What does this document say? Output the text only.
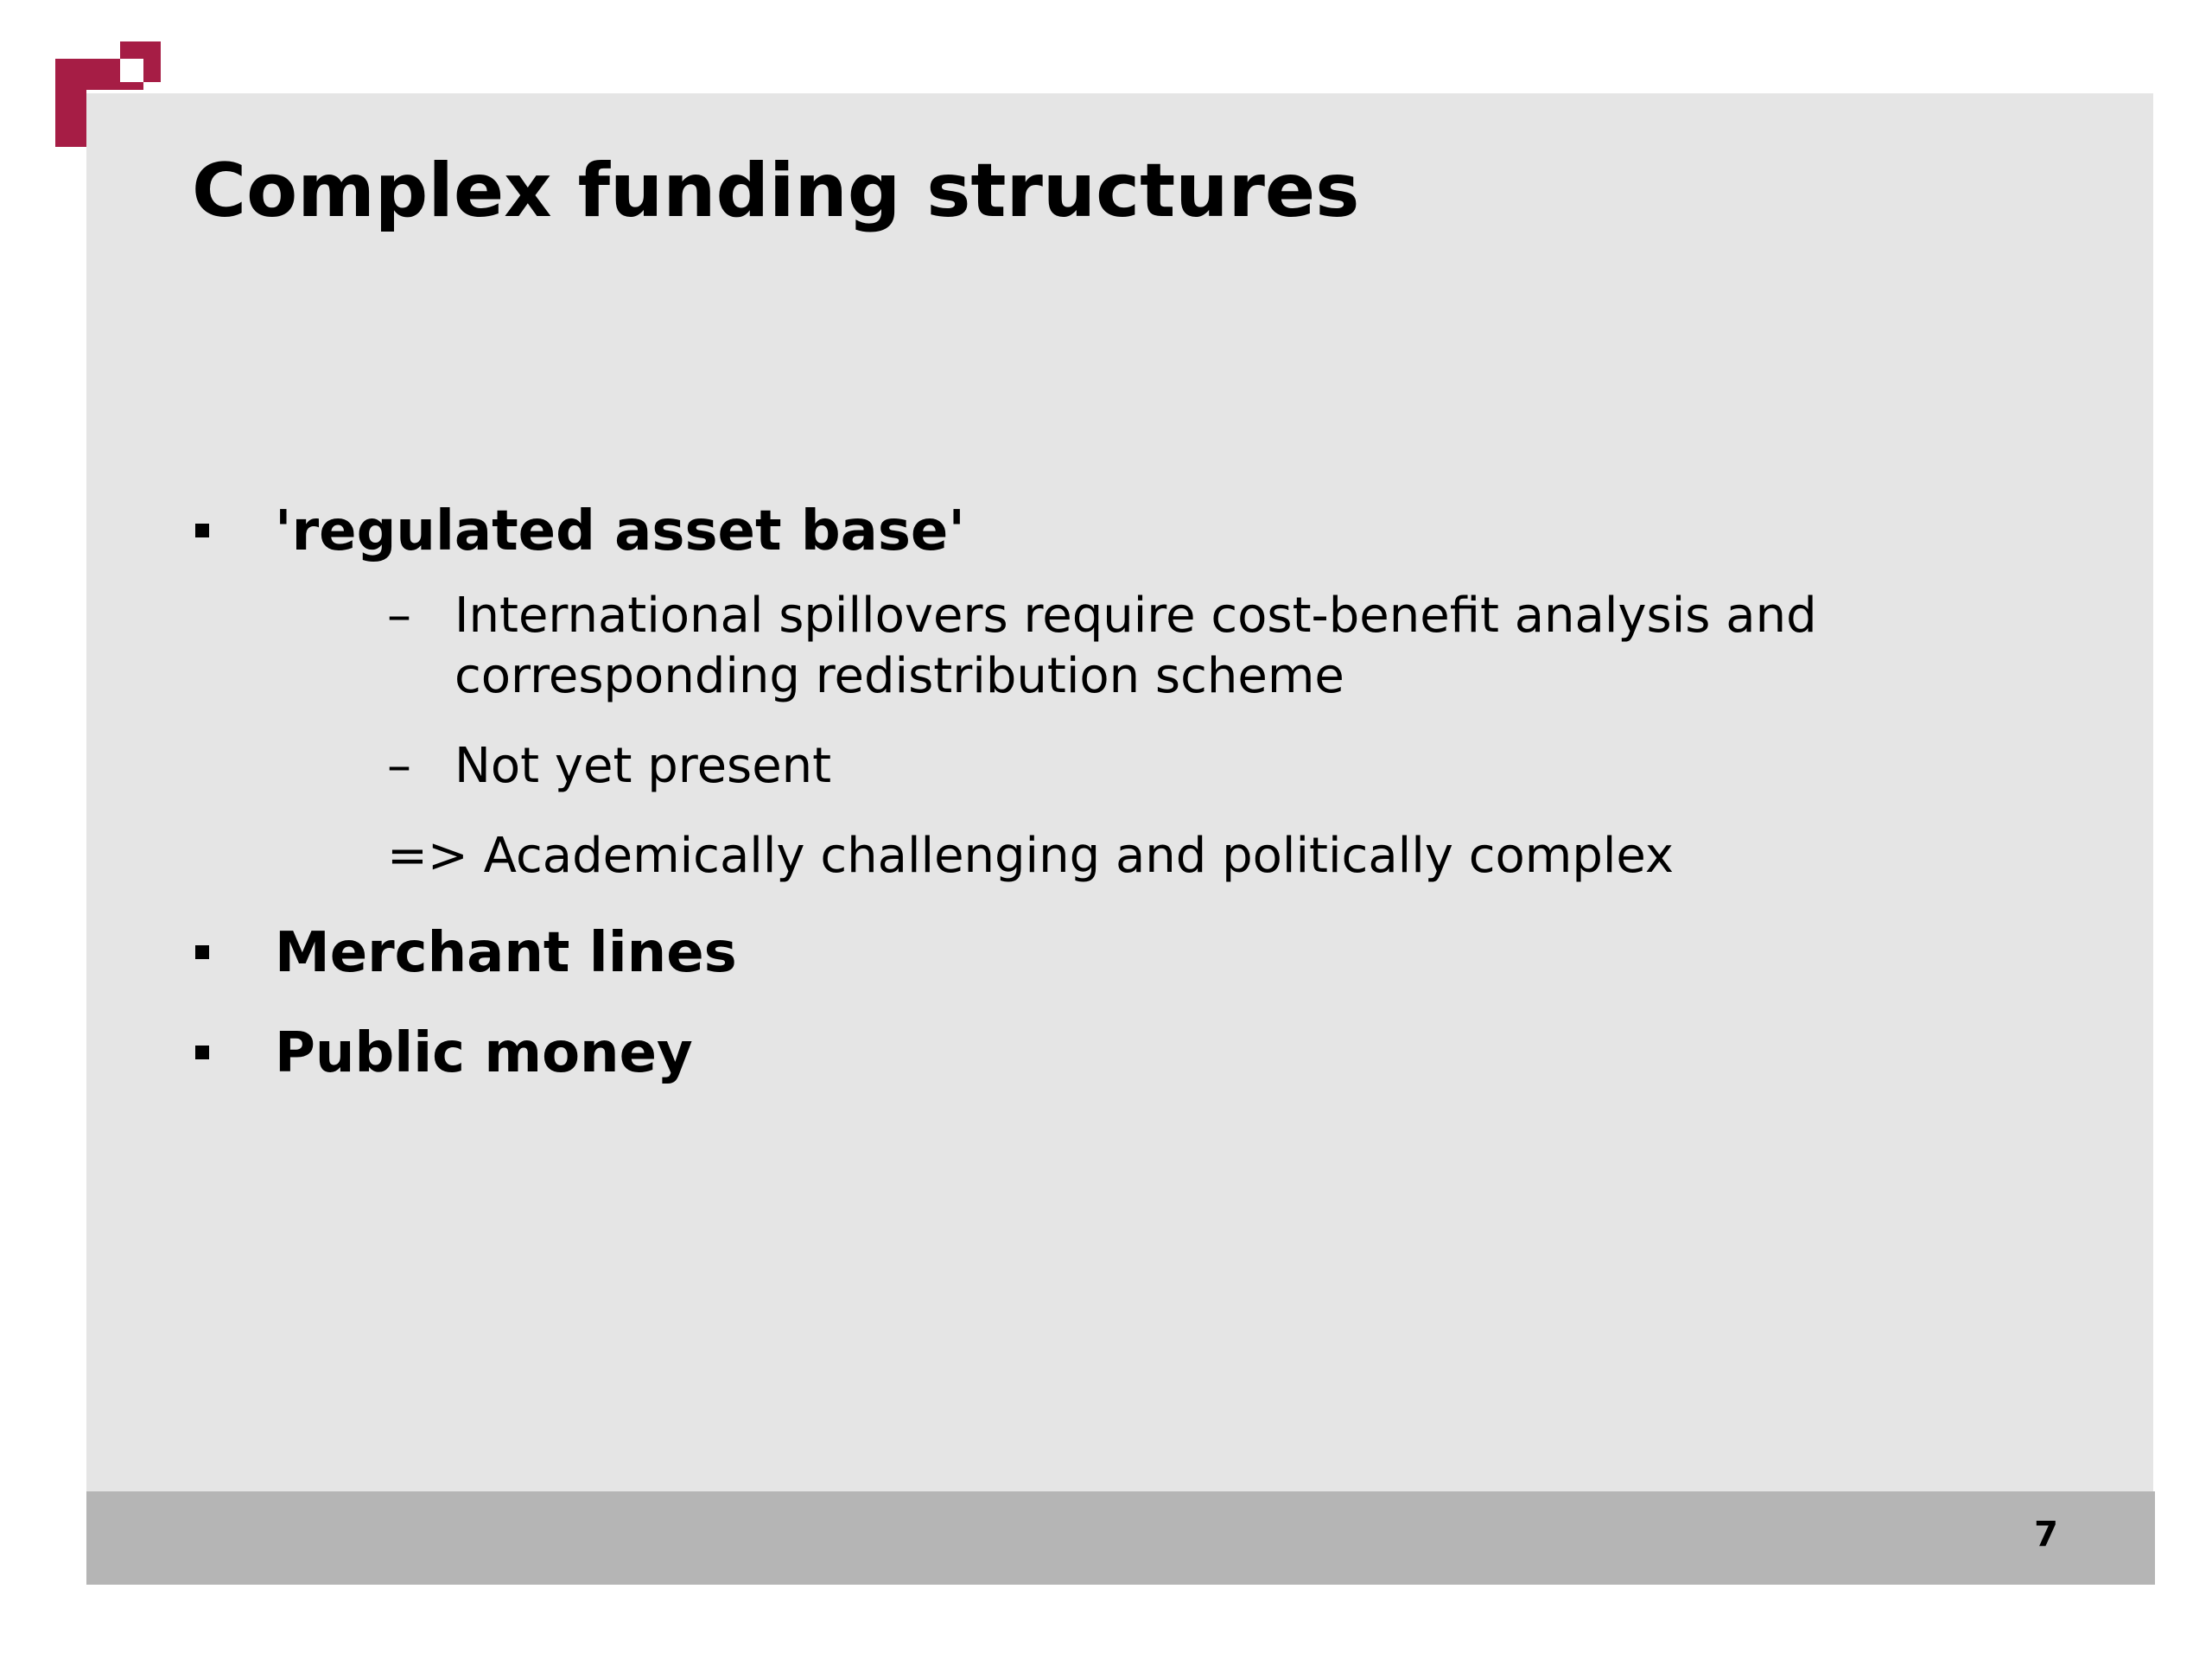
Complex funding structures
'regulated asset base'
– International spillovers require cost-benefit analysis and
corresponding redistribution scheme
– Not yet present
=> Academically challenging and politically complex
Merchant lines
Public money
7
